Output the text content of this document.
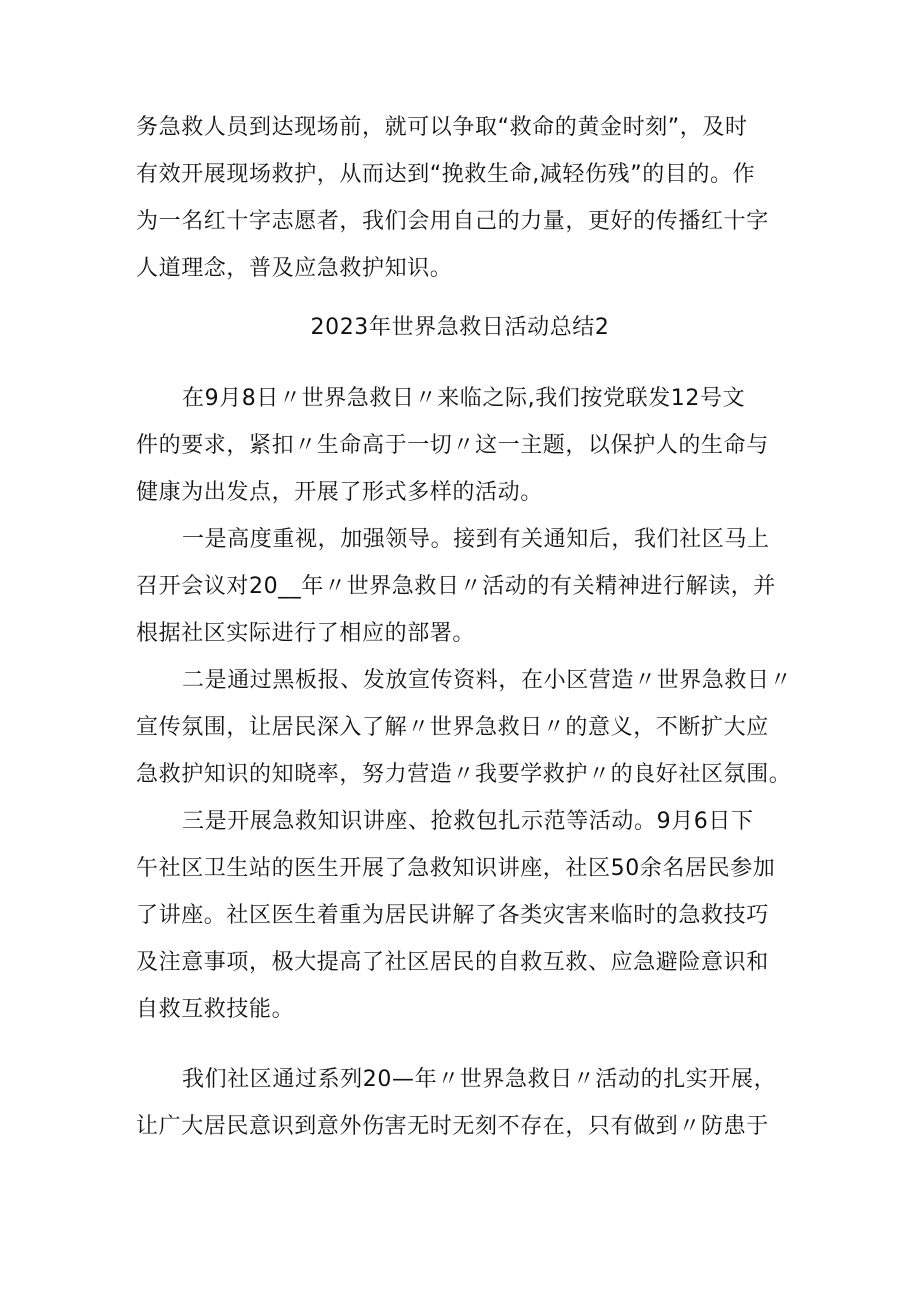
务急救人员到达现场前，就可以争取“救命的黄金时刻”，及时
有效开展现场救护，从而达到“挽救生命,减轻伤残”的目的。作
为一名红十字志愿者，我们会用自己的力量，更好的传播红十字
人道理念，普及应急救护知识。
2023年世界急救日活动总结2
在9月8日〃世界急救日〃来临之际,我们按党联发12号文
件的要求，紧扣〃生命高于一切〃这一主题，以保护人的生命与
健康为出发点，开展了形式多样的活动。
一是高度重视，加强领导。接到有关通知后，我们社区马上
召开会议对20__年〃世界急救日〃活动的有关精神进行解读，并
根据社区实际进行了相应的部署。
二是通过黑板报、发放宣传资料，在小区营造〃世界急救日〃
宣传氛围，让居民深入了解〃世界急救日〃的意义，不断扩大应
急救护知识的知晓率，努力营造〃我要学救护〃的良好社区氛围。
三是开展急救知识讲座、抢救包扎示范等活动。9月6日下
午社区卫生站的医生开展了急救知识讲座，社区50余名居民参加
了讲座。社区医生着重为居民讲解了各类灾害来临时的急救技巧
及注意事项，极大提高了社区居民的自救互救、应急避险意识和
自救互救技能。
我们社区通过系列20—年〃世界急救日〃活动的扎实开展，
让广大居民意识到意外伤害无时无刻不存在，只有做到〃防患于
